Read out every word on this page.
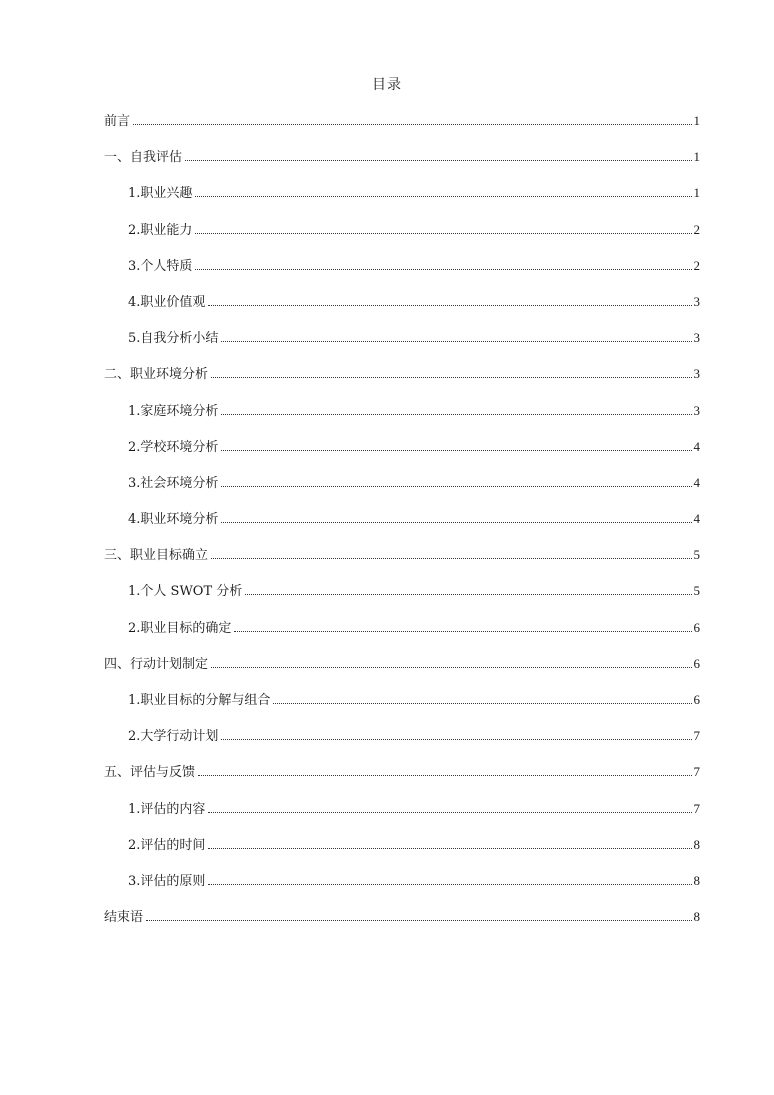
目录
前言	1
一、自我评估	1
1.职业兴趣	1
2.职业能力	2
3.个人特质	2
4.职业价值观	3
5.自我分析小结	3
二、职业环境分析	3
1.家庭环境分析	3
2.学校环境分析	4
3.社会环境分析	4
4.职业环境分析	4
三、职业目标确立	5
1.个人 SWOT 分析	5
2.职业目标的确定	6
四、行动计划制定	6
1.职业目标的分解与组合	6
2.大学行动计划	7
五、评估与反馈	7
1.评估的内容	7
2.评估的时间	8
3.评估的原则	8
结束语	8
